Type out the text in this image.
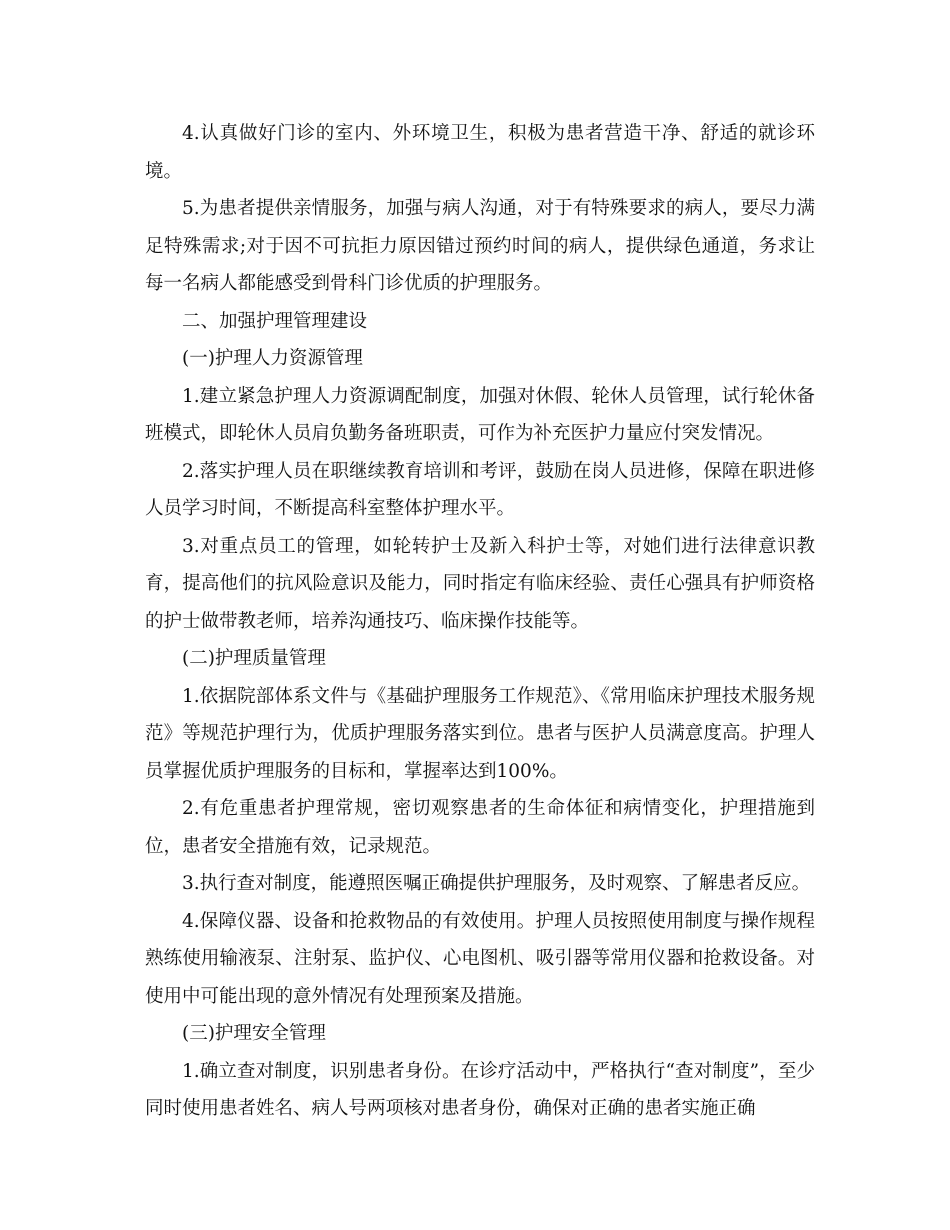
4.认真做好门诊的室内、外环境卫生，积极为患者营造干净、舒适的就诊环境。

5.为患者提供亲情服务，加强与病人沟通，对于有特殊要求的病人，要尽力满足特殊需求;对于因不可抗拒力原因错过预约时间的病人，提供绿色通道，务求让每一名病人都能感受到骨科门诊优质的护理服务。

二、加强护理管理建设

(一)护理人力资源管理

1.建立紧急护理人力资源调配制度，加强对休假、轮休人员管理，试行轮休备班模式，即轮休人员肩负勤务备班职责，可作为补充医护力量应付突发情况。

2.落实护理人员在职继续教育培训和考评，鼓励在岗人员进修，保障在职进修人员学习时间，不断提高科室整体护理水平。

3.对重点员工的管理，如轮转护士及新入科护士等，对她们进行法律意识教育，提高他们的抗风险意识及能力，同时指定有临床经验、责任心强具有护师资格的护士做带教老师，培养沟通技巧、临床操作技能等。

(二)护理质量管理

1.依据院部体系文件与《基础护理服务工作规范》、《常用临床护理技术服务规范》等规范护理行为，优质护理服务落实到位。患者与医护人员满意度高。护理人员掌握优质护理服务的目标和，掌握率达到100%。

2.有危重患者护理常规，密切观察患者的生命体征和病情变化，护理措施到位，患者安全措施有效，记录规范。

3.执行查对制度，能遵照医嘱正确提供护理服务，及时观察、了解患者反应。

4.保障仪器、设备和抢救物品的有效使用。护理人员按照使用制度与操作规程熟练使用输液泵、注射泵、监护仪、心电图机、吸引器等常用仪器和抢救设备。对使用中可能出现的意外情况有处理预案及措施。

(三)护理安全管理

1.确立查对制度，识别患者身份。在诊疗活动中，严格执行“查对制度”，至少同时使用患者姓名、病人号两项核对患者身份，确保对正确的患者实施正确
